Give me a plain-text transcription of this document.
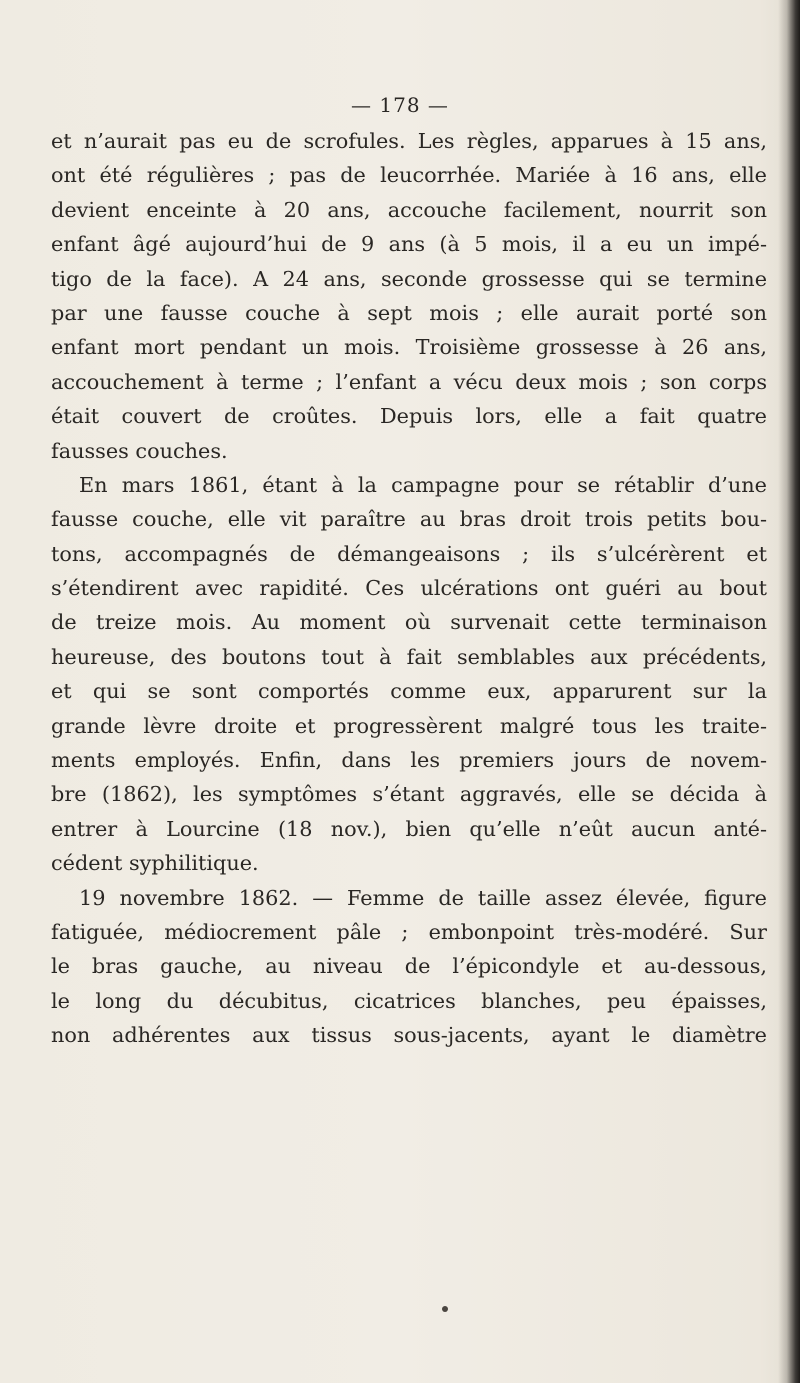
— 178 —
et n’aurait pas eu de scrofules. Les règles, apparues à 15 ans,
ont été régulières ; pas de leucorrhée. Mariée à 16 ans, elle
devient enceinte à 20 ans, accouche facilement, nourrit son
enfant âgé aujourd’hui de 9 ans (à 5 mois, il a eu un impé-
tigo de la face). A 24 ans, seconde grossesse qui se termine
par une fausse couche à sept mois ; elle aurait porté son
enfant mort pendant un mois. Troisième grossesse à 26 ans,
accouchement à terme ; l’enfant a vécu deux mois ; son corps
était couvert de croûtes. Depuis lors, elle a fait quatre
fausses couches.
En mars 1861, étant à la campagne pour se rétablir d’une
fausse couche, elle vit paraître au bras droit trois petits bou-
tons, accompagnés de démangeaisons ; ils s’ulcérèrent et
s’étendirent avec rapidité. Ces ulcérations ont guéri au bout
de treize mois. Au moment où survenait cette terminaison
heureuse, des boutons tout à fait semblables aux précédents,
et qui se sont comportés comme eux, apparurent sur la
grande lèvre droite et progressèrent malgré tous les traite-
ments employés. Enfin, dans les premiers jours de novem-
bre (1862), les symptômes s’étant aggravés, elle se décida à
entrer à Lourcine (18 nov.), bien qu’elle n’eût aucun anté-
cédent syphilitique.
19 novembre 1862. — Femme de taille assez élevée, figure
fatiguée, médiocrement pâle ; embonpoint très-modéré. Sur
le bras gauche, au niveau de l’épicondyle et au-dessous,
le long du décubitus, cicatrices blanches, peu épaisses,
non adhérentes aux tissus sous-jacents, ayant le diamètre
